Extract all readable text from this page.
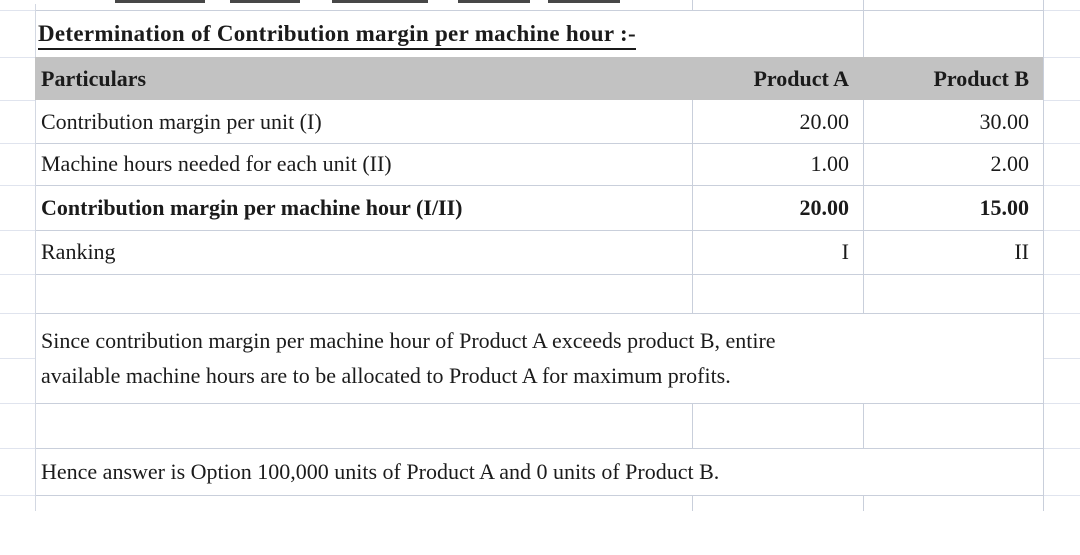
Determination of Contribution margin per machine hour :-
Particulars	Product A	Product B
Contribution margin per unit (I)	20.00	30.00
Machine hours needed for each unit (II)	1.00	2.00
Contribution margin per machine hour (I/II)	20.00	15.00
Ranking	I	II
Since contribution margin per machine hour of Product A exceeds product B, entire
available machine hours are to be allocated to Product A for maximum profits.
Hence answer is Option 100,000 units of Product A and 0 units of Product B.
